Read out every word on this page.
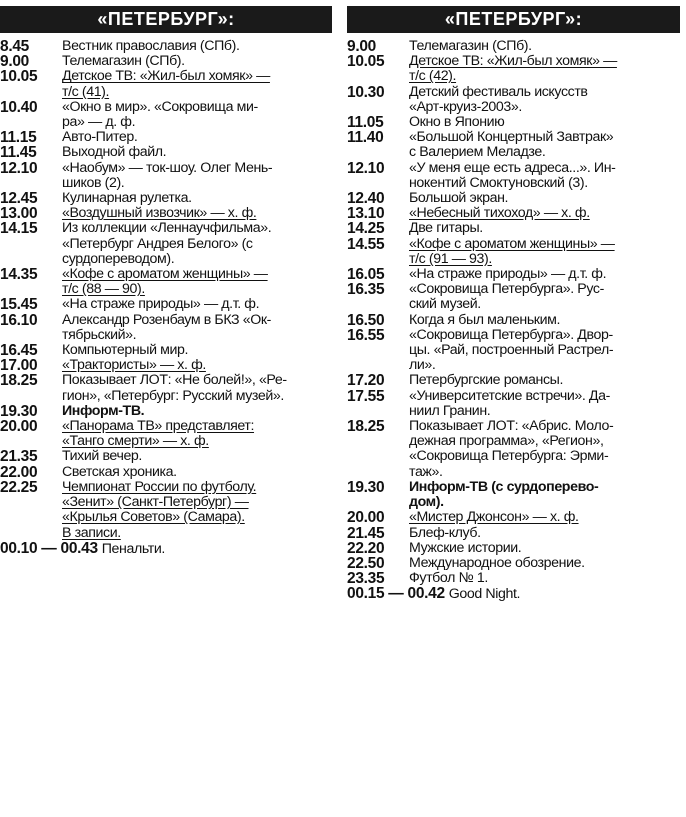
«ПЕТЕРБУРГ»:
8.45	Вестник православия (СПб).
9.00	Телемагазин (СПб).
10.05	Детское ТВ: «Жил-был хомяк» —
т/с (41).
10.40	«Окно в мир». «Сокровища ми-
ра» — д. ф.
11.15	Авто-Питер.
11.45	Выходной файл.
12.10	«Наобум» — ток-шоу. Олег Мень-
шиков (2).
12.45	Кулинарная рулетка.
13.00	«Воздушный извозчик» — х. ф.
14.15	Из коллекции «Леннаучфильма».
«Петербург Андрея Белого» (с
сурдопереводом).
14.35	«Кофе с ароматом женщины» —
т/с (88 — 90).
15.45	«На страже природы» — д.т. ф.
16.10	Александр Розенбаум в БКЗ «Ок-
тябрьский».
16.45	Компьютерный мир.
17.00	«Трактористы» — х. ф.
18.25	Показывает ЛОТ: «Не болей!», «Ре-
гион», «Петербург: Русский музей».
19.30	Информ-ТВ.
20.00	«Панорама ТВ» представляет:
«Танго смерти» — х. ф.
21.35	Тихий вечер.
22.00	Светская хроника.
22.25	Чемпионат России по футболу.
«Зенит» (Санкт-Петербург) —
«Крылья Советов» (Самара).
В записи.
00.10 — 00.43 Пенальти.
«ПЕТЕРБУРГ»:
9.00	Телемагазин (СПб).
10.05	Детское ТВ: «Жил-был хомяк» —
т/с (42).
10.30	Детский фестиваль искусств
«Арт-круиз-2003».
11.05	Окно в Японию
11.40	«Большой Концертный Завтрак»
с Валерием Меладзе.
12.10	«У меня еще есть адреса...». Ин-
нокентий Смоктуновский (3).
12.40	Большой экран.
13.10	«Небесный тихоход» — х. ф.
14.25	Две гитары.
14.55	«Кофе с ароматом женщины» —
т/с (91 — 93).
16.05	«На страже природы» — д.т. ф.
16.35	«Сокровища Петербурга». Рус-
ский музей.
16.50	Когда я был маленьким.
16.55	«Сокровища Петербурга». Двор-
цы. «Рай, построенный Растрел-
ли».
17.20	Петербургские романсы.
17.55	«Университетские встречи». Да-
ниил Гранин.
18.25	Показывает ЛОТ: «Абрис. Моло-
дежная программа», «Регион»,
«Сокровища Петербурга: Эрми-
таж».
19.30	Информ-ТВ (с сурдоперево-
дом).
20.00	«Мистер Джонсон» — х. ф.
21.45	Блеф-клуб.
22.20	Мужские истории.
22.50	Международное обозрение.
23.35	Футбол № 1.
00.15 — 00.42 Good Night.
